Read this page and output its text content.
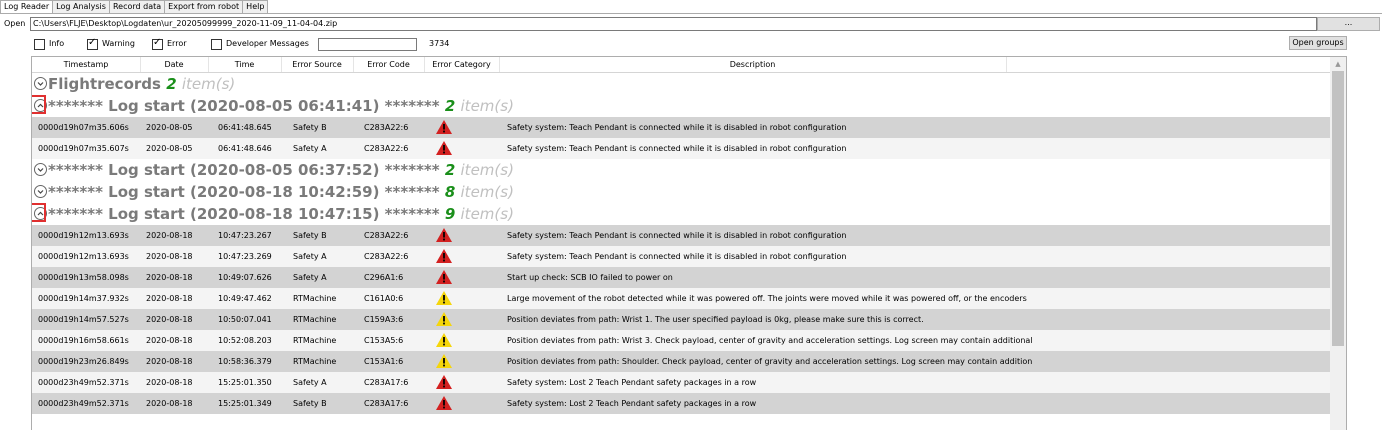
Log Reader Log Analysis Record data Export from robot Help
Open C:\Users\FLJE\Desktop\Logdaten\ur_20205099999_2020-11-09_11-04-04.zip	...
Info ✓ Warning ✓ Error	Developer Messages	3734	Open groups
Timestamp	Date	Time	Error Source	Error Code	Error Category	Description
Flightrecords 2 item(s)
******* Log start (2020-08-05 06:41:41) ******* 2 item(s)
0000d19h07m35.606s	2020-08-05	06:41:48.645	Safety B	C283A22:6	Safety system: Teach Pendant is connected while it is disabled in robot configuration
0000d19h07m35.607s	2020-08-05	06:41:48.646	Safety A	C283A22:6	Safety system: Teach Pendant is connected while it is disabled in robot configuration
******* Log start (2020-08-05 06:37:52) ******* 2 item(s)
******* Log start (2020-08-18 10:42:59) ******* 8 item(s)
******* Log start (2020-08-18 10:47:15) ******* 9 item(s)
0000d19h12m13.693s	2020-08-18	10:47:23.267	Safety B	C283A22:6	Safety system: Teach Pendant is connected while it is disabled in robot configuration
0000d19h12m13.693s	2020-08-18	10:47:23.269	Safety A	C283A22:6	Safety system: Teach Pendant is connected while it is disabled in robot configuration
0000d19h13m58.098s	2020-08-18	10:49:07.626	Safety A	C296A1:6	Start up check: SCB IO failed to power on
0000d19h14m37.932s	2020-08-18	10:49:47.462	RTMachine	C161A0:6	Large movement of the robot detected while it was powered off. The joints were moved while it was powered off, or the encoders
0000d19h14m57.527s	2020-08-18	10:50:07.041	RTMachine	C159A3:6	Position deviates from path: Wrist 1. The user specified payload is 0kg, please make sure this is correct.
0000d19h16m58.661s	2020-08-18	10:52:08.203	RTMachine	C153A5:6	Position deviates from path: Wrist 3. Check payload, center of gravity and acceleration settings. Log screen may contain additional
0000d19h23m26.849s	2020-08-18	10:58:36.379	RTMachine	C153A1:6	Position deviates from path: Shoulder. Check payload, center of gravity and acceleration settings. Log screen may contain addition
0000d23h49m52.371s	2020-08-18	15:25:01.350	Safety A	C283A17:6	Safety system: Lost 2 Teach Pendant safety packages in a row
0000d23h49m52.371s	2020-08-18	15:25:01.349	Safety B	C283A17:6	Safety system: Lost 2 Teach Pendant safety packages in a row
▲
